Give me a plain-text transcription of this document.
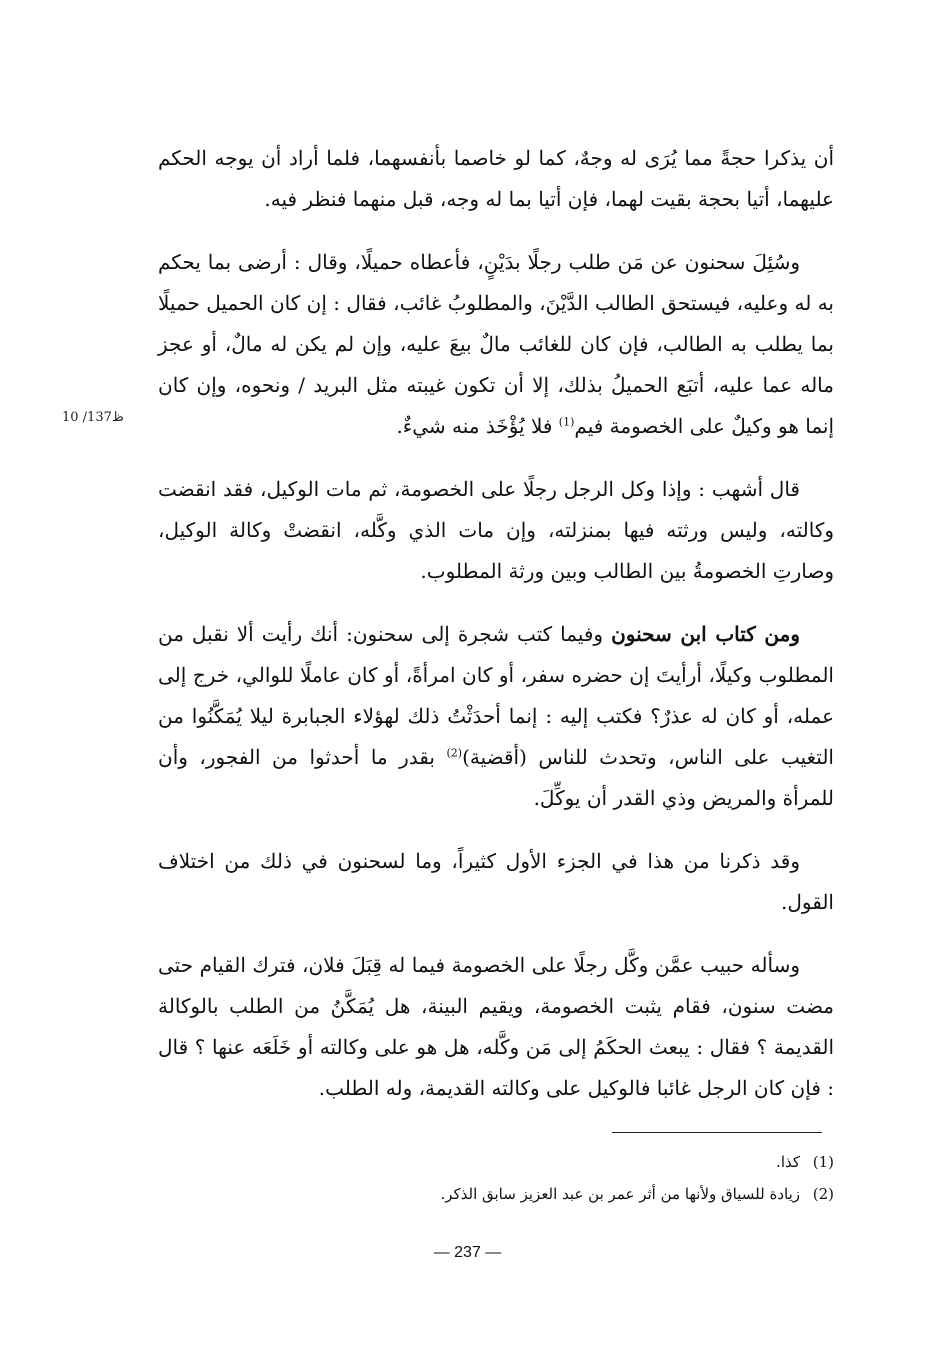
أن يذكرا حجةً مما يُرَى له وجهٌ، كما لو خاصما بأنفسهما، فلما أراد أن يوجه الحكم عليهما، أتيا بحجة بقيت لهما، فإن أتيا بما له وجه، قبل منهما فنظر فيه.

وسُئِلَ سحنون عن مَن طلب رجلًا بدَيْنٍ، فأعطاه حميلًا، وقال : أرضى بما يحكم به له وعليه، فيستحق الطالب الدَّيْنَ، والمطلوبُ غائب، فقال : إن كان الحميل حميلًا بما يطلب به الطالب، فإن كان للغائب مالٌ بيعَ عليه، وإن لم يكن له مالٌ، أو عجز ماله عما عليه، أتبَع الحميلُ بذلك، إلا أن تكون غيبته مثل البريد / ونحوه، وإن كان إنما هو وكيلٌ على الخصومة فيم$^{(1)}$ فلا يُؤْخَذ منه شيءٌ.

قال أشهب : وإذا وكل الرجل رجلًا على الخصومة، ثم مات الوكيل، فقد انقضت وكالته، وليس ورثته فيها بمنزلته، وإن مات الذي وكَّله، انقضتْ وكالة الوكيل، وصارتِ الخصومةُ بين الطالب وبين ورثة المطلوب.

ومن كتاب ابن سحنون وفيما كتب شجرة إلى سحنون: أنك رأيت ألا نقبل من المطلوب وكيلًا، أرأيتَ إن حضره سفر، أو كان امرأةً، أو كان عاملًا للوالي، خرج إلى عمله، أو كان له عذرٌ؟ فكتب إليه : إنما أحدَثْتُ ذلك لهؤلاء الجبابرة ليلا يُمَكَّنُوا من التغيب على الناس، وتحدث للناس (أقضية)$^{(2)}$ بقدر ما أحدثوا من الفجور، وأن للمرأة والمريض وذي القدر أن يوكِّلَ.

وقد ذكرنا من هذا في الجزء الأول كثيراً، وما لسحنون في ذلك من اختلاف القول.

وسأله حبيب عمَّن وكَّل رجلًا على الخصومة فيما له قِبَلَ فلان، فترك القيام حتى مضت سنون، فقام يثبت الخصومة، ويقيم البينة، هل يُمَكَّنُ من الطلب بالوكالة القديمة ؟ فقال : يبعث الحكَمُ إلى مَن وكَّله، هل هو على وكالته أو خَلَعَه عنها ؟ قال : فإن كان الرجل غائبا فالوكيل على وكالته القديمة، وله الطلب.

10 /137ظ
(1)
كذا.
(2)
زيادة للسياق ولأنها من أثر عمر بن عبد العزيز سابق الذكر.
— 237 —
